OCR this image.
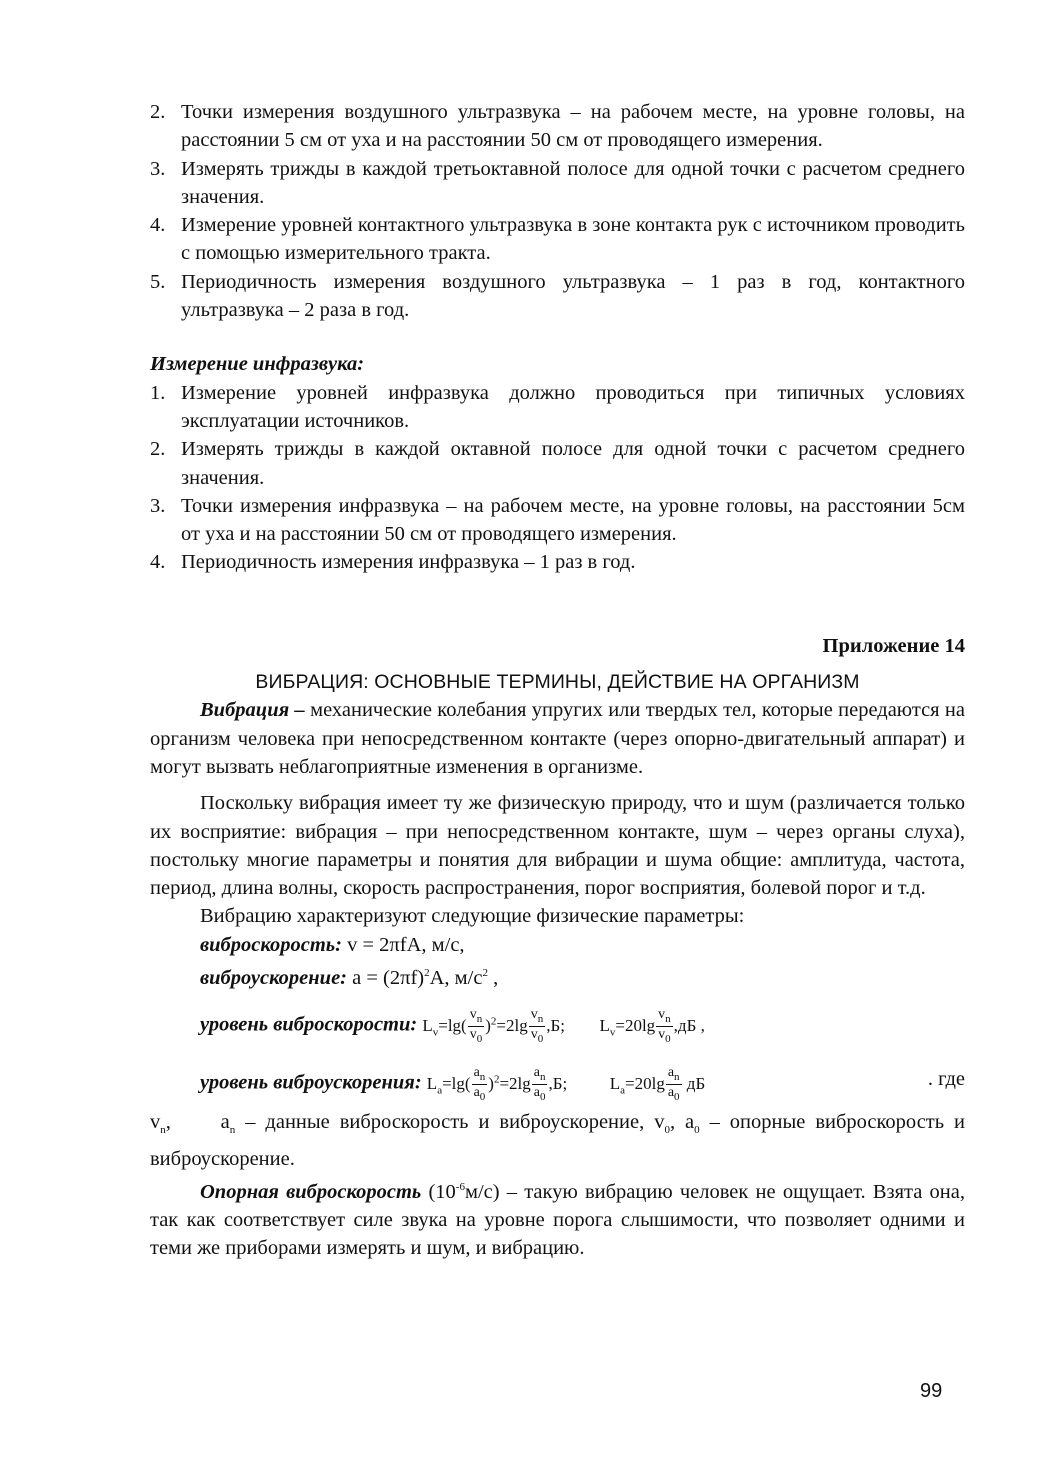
2. Точки измерения воздушного ультразвука – на рабочем месте, на уровне головы, на расстоянии 5 см от уха и на расстоянии 50 см от проводящего измерения.
3. Измерять трижды в каждой третьоктавной полосе для одной точки с расчетом среднего значения.
4. Измерение уровней контактного ультразвука в зоне контакта рук с источником проводить с помощью измерительного тракта.
5. Периодичность измерения воздушного ультразвука – 1 раз в год, контактного ультразвука – 2 раза в год.
Измерение инфразвука:
1. Измерение уровней инфразвука должно проводиться при типичных условиях эксплуатации источников.
2. Измерять трижды в каждой октавной полосе для одной точки с расчетом среднего значения.
3. Точки измерения инфразвука – на рабочем месте, на уровне головы, на расстоянии 5см от уха и на расстоянии 50 см от проводящего измерения.
4. Периодичность измерения инфразвука – 1 раз в год.
Приложение 14
ВИБРАЦИЯ: ОСНОВНЫЕ ТЕРМИНЫ, ДЕЙСТВИЕ НА ОРГАНИЗМ
Вибрация – механические колебания упругих или твердых тел, которые передаются на организм человека при непосредственном контакте (через опорно-двигательный аппарат) и могут вызвать неблагоприятные изменения в организме.
Поскольку вибрация имеет ту же физическую природу, что и шум (различается только их восприятие: вибрация – при непосредственном контакте, шум – через органы слуха), постольку многие параметры и понятия для вибрации и шума общие: амплитуда, частота, период, длина волны, скорость распространения, порог восприятия, болевой порог и т.д.
Вибрацию характеризуют следующие физические параметры:
виброскорость: v = 2πfA, м/с,
виброускорение: $a = (2\pi f)^2A$, $м/с^2$ ,
уровень виброскорости: $L_v=\lg( \frac{v_n}{v_0} )^2=2\lg \frac{v_n}{v_0} ,Б$; $L_v=20\lg \frac{v_n}{v_0} ,дБ$ ,
уровень виброускорения: $L_a=\lg( \frac{a_n}{a_0} )^2=2\lg \frac{a_n}{a_0} ,Б$;	$L_a=20\lg \frac{a_n}{a_0}$ дБ	. где
$v_n$,     $a_n$ – данные виброскорость и виброускорение, $v_0$, $a_0$ – опорные виброскорость и виброускорение.
Опорная виброскорость $(10^{-6}м/с)$ – такую вибрацию человек не ощущает. Взята она, так как соответствует силе звука на уровне порога слышимости, что позволяет одними и теми же приборами измерять и шум, и вибрацию.
99
